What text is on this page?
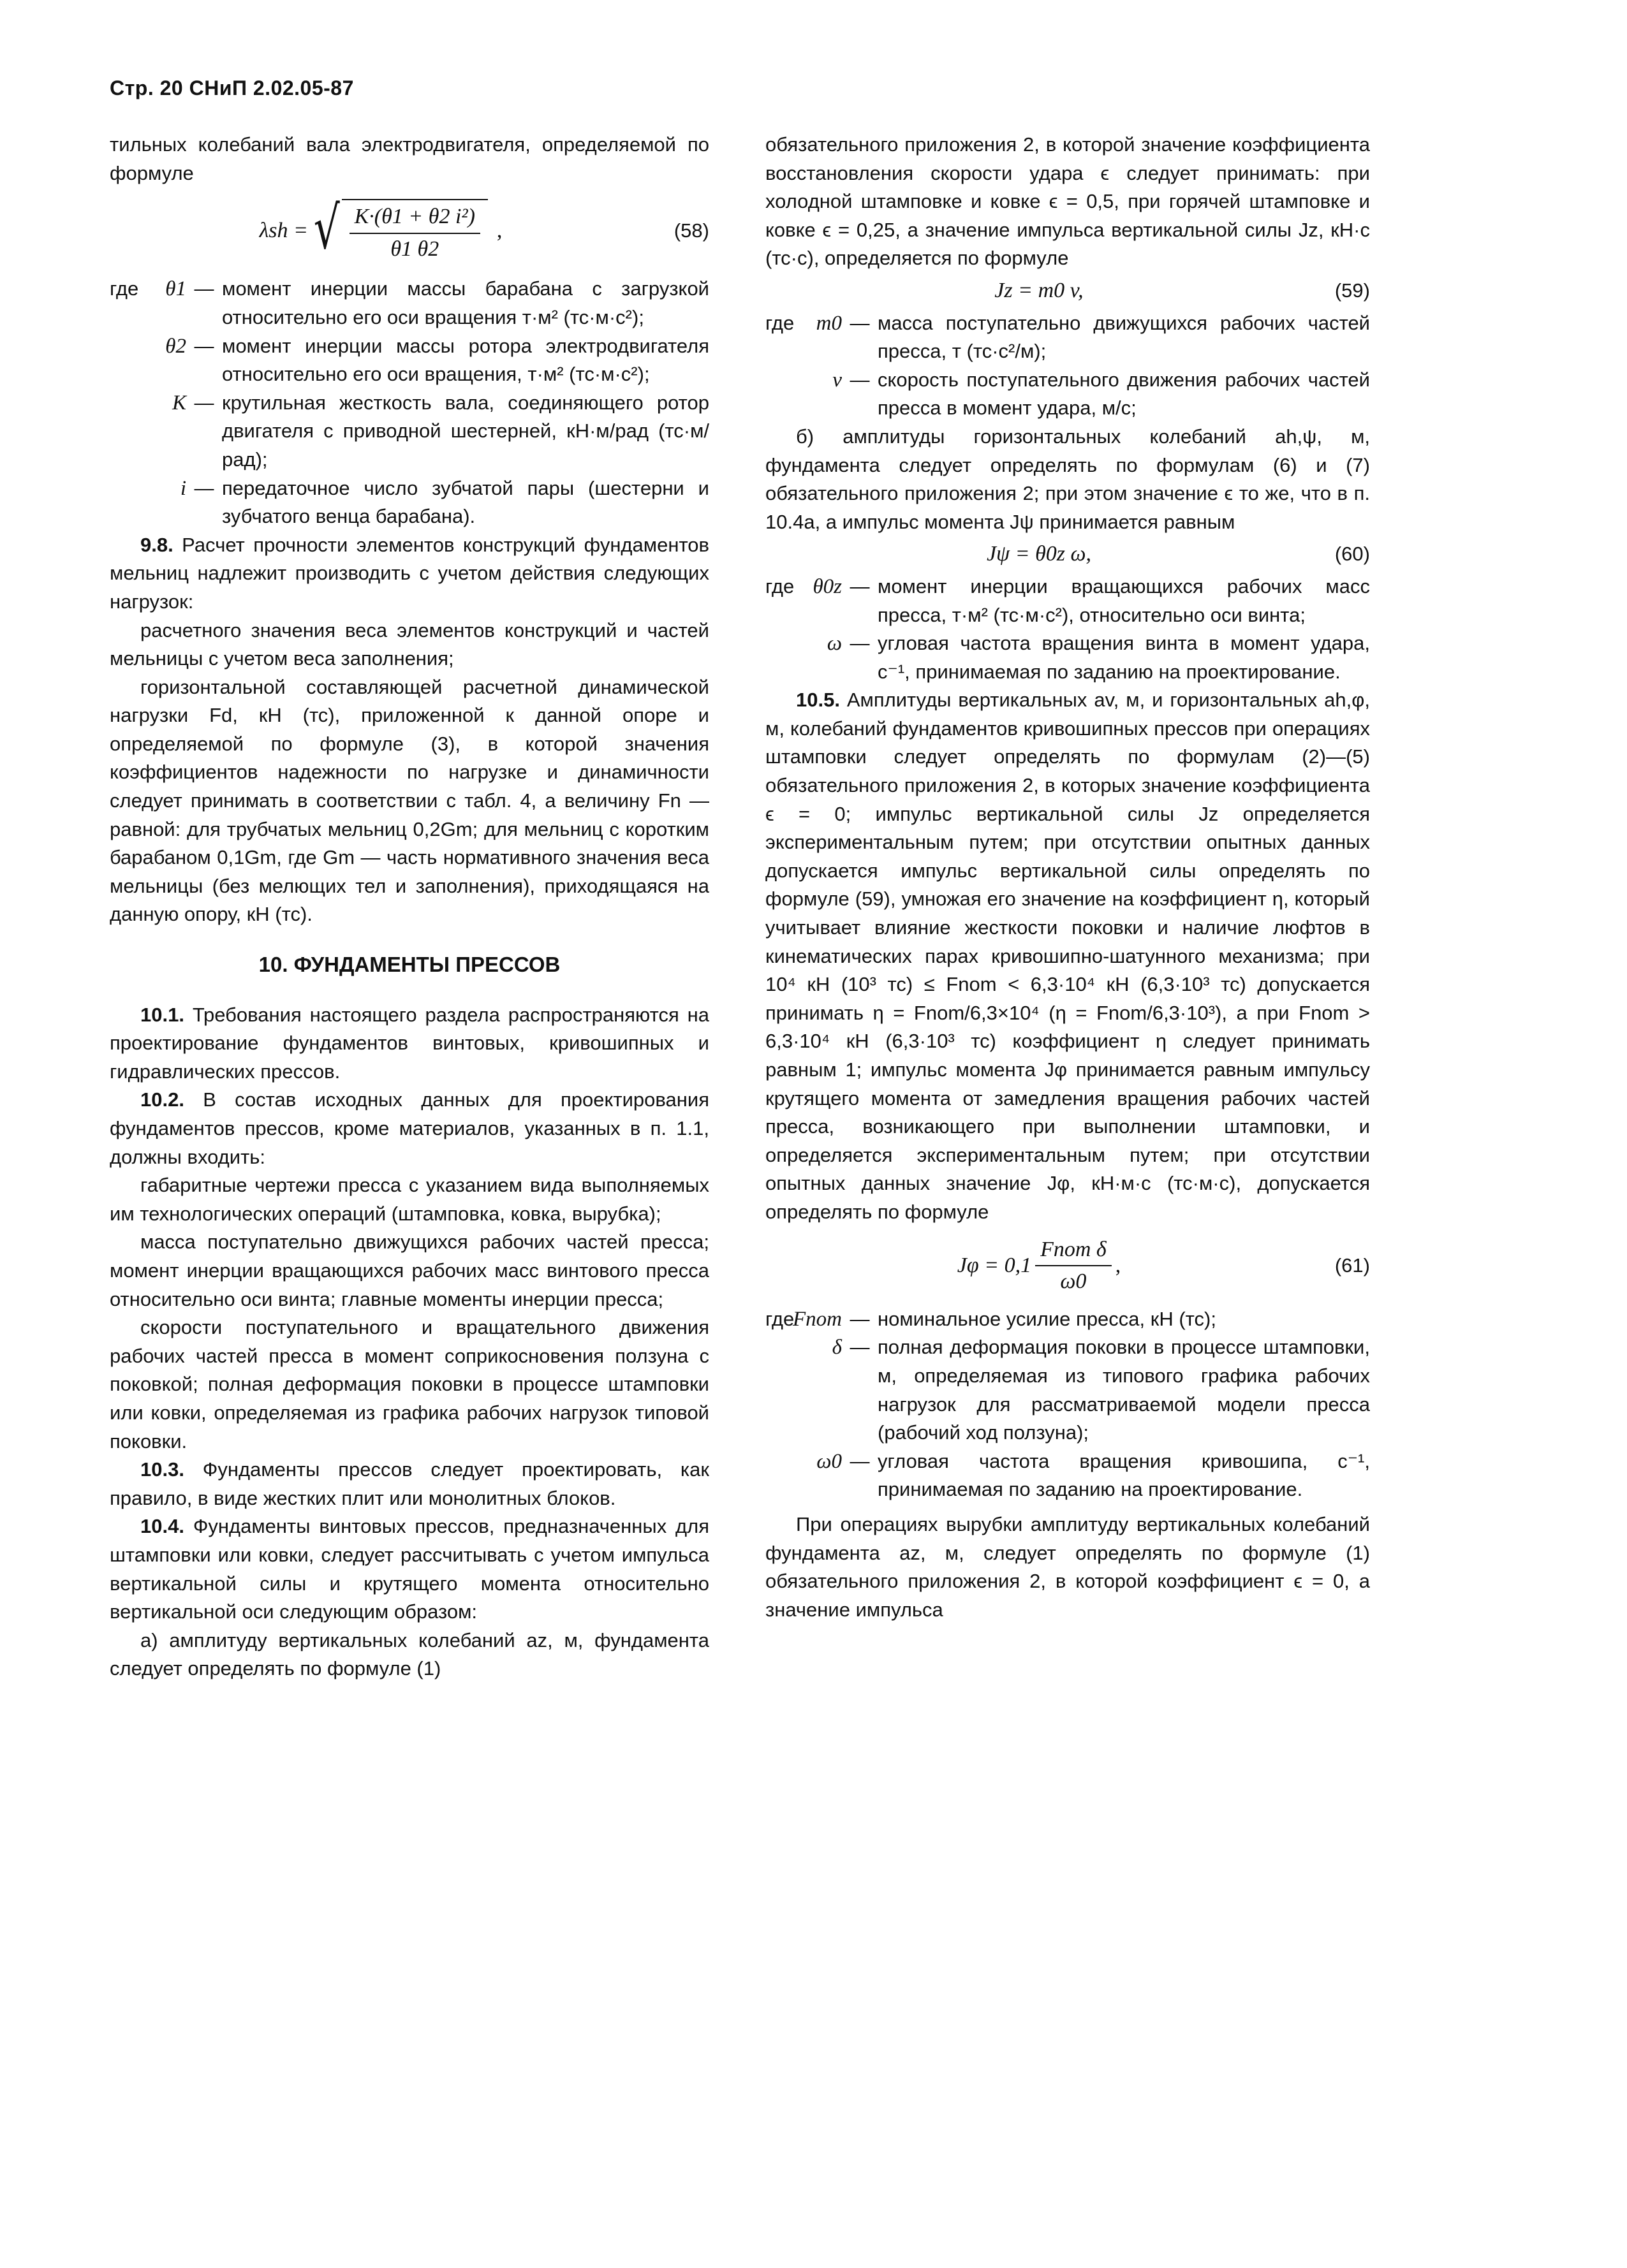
Стр. 20 СНиП 2.02.05-87

тильных колебаний вала электродвигателя, определяемой по формуле

λsh = √ $\frac{\text{K·(θ1 + θ2 i²)}}{\theta 1 \theta 2}$ ,	(58)
где	θ1 — момент инерции массы барабана с загрузкой относительно его оси вращения т·м² (тс·м·с²);
θ2 — момент инерции массы ротора электродвигателя относительно его оси вращения, т·м² (тс·м·с²);
K — крутильная жесткость вала, соединяющего ротор двигателя с приводной шестерней, кН·м/рад (тс·м/рад);
i — передаточное число зубчатой пары (шестерни и зубчатого венца барабана).

9.8. Расчет прочности элементов конструкций фундаментов мельниц надлежит производить с учетом действия следующих нагрузок:

расчетного значения веса элементов конструкций и частей мельницы с учетом веса заполнения;

горизонтальной составляющей расчетной динамической нагрузки Fd, кН (тс), приложенной к данной опоре и определяемой по формуле (3), в которой значения коэффициентов надежности по нагрузке и динамичности следует принимать в соответствии с табл. 4, а величину Fn — равной: для трубчатых мельниц 0,2Gm; для мельниц с коротким барабаном 0,1Gm, где Gm — часть нормативного значения веса мельницы (без мелющих тел и заполнения), приходящаяся на данную опору, кН (тс).

10. ФУНДАМЕНТЫ ПРЕССОВ

10.1. Требования настоящего раздела распространяются на проектирование фундаментов винтовых, кривошипных и гидравлических прессов.

10.2. В состав исходных данных для проектирования фундаментов прессов, кроме материалов, указанных в п. 1.1, должны входить:

габаритные чертежи пресса с указанием вида выполняемых им технологических операций (штамповка, ковка, вырубка);

масса поступательно движущихся рабочих частей пресса; момент инерции вращающихся рабочих масс винтового пресса относительно оси винта; главные моменты инерции пресса;

скорости поступательного и вращательного движения рабочих частей пресса в момент соприкосновения ползуна с поковкой; полная деформация поковки в процессе штамповки или ковки, определяемая из графика рабочих нагрузок типовой поковки.

10.3. Фундаменты прессов следует проектировать, как правило, в виде жестких плит или монолитных блоков.

10.4. Фундаменты винтовых прессов, предназначенных для штамповки или ковки, следует рассчитывать с учетом импульса вертикальной силы и крутящего момента относительно вертикальной оси следующим образом:

а) амплитуду вертикальных колебаний az, м, фундамента следует определять по формуле (1)

обязательного приложения 2, в которой значение коэффициента восстановления скорости удара ϵ следует принимать: при холодной штамповке и ковке ϵ = 0,5, при горячей штамповке и ковке ϵ = 0,25, а значение импульса вертикальной силы Jz, кН·с (тс·с), определяется по формуле

Jz = m0 v,	(59)
где	m0 — масса поступательно движущихся рабочих частей пресса, т (тс·с²/м);
v — скорость поступательного движения рабочих частей пресса в момент удара, м/с;

б) амплитуды горизонтальных колебаний ah,ψ, м, фундамента следует определять по формулам (6) и (7) обязательного приложения 2; при этом значение ϵ то же, что в п. 10.4а, а импульс момента Jψ принимается равным

Jψ = θ0z ω,	(60)
где θ0z — момент инерции вращающихся рабочих масс пресса, т·м² (тс·м·с²), относительно оси винта;
ω — угловая частота вращения винта в момент удара, с⁻¹, принимаемая по заданию на проектирование.

10.5. Амплитуды вертикальных av, м, и горизонтальных ah,φ, м, колебаний фундаментов кривошипных прессов при операциях штамповки следует определять по формулам (2)—(5) обязательного приложения 2, в которых значение коэффициента ϵ = 0; импульс вертикальной силы Jz определяется экспериментальным путем; при отсутствии опытных данных допускается импульс вертикальной силы определять по формуле (59), умножая его значение на коэффициент η, который учитывает влияние жесткости поковки и наличие люфтов в кинематических парах кривошипно-шатунного механизма; при 10⁴ кН (10³ тс) ≤ Fnom < 6,3·10⁴ кН (6,3·10³ тс) допускается принимать η = Fnom/6,3×10⁴ (η = Fnom/6,3·10³), а при Fnom > 6,3·10⁴ кН (6,3·10³ тс) коэффициент η следует принимать равным 1; импульс момента Jφ принимается равным импульсу крутящего момента от замедления вращения рабочих частей пресса, возникающего при выполнении штамповки, и определяется экспериментальным путем; при отсутствии опытных данных значение Jφ, кН·м·с (тс·м·с), допускается определять по формуле

$J\varphi = 0,1 \frac{\text{Fnom δ}}{\omega 0}$ ,	(61)
где
Fnom — номинальное усилие пресса, кН (тс);
δ — полная деформация поковки в процессе штамповки, м, определяемая из типового графика рабочих нагрузок для рассматриваемой модели пресса (рабочий ход ползуна);
ω0 — угловая частота вращения кривошипа, с⁻¹, принимаемая по заданию на проектирование.

При операциях вырубки амплитуду вертикальных колебаний фундамента az, м, следует определять по формуле (1) обязательного приложения 2, в которой коэффициент ϵ = 0, а значение импульса
